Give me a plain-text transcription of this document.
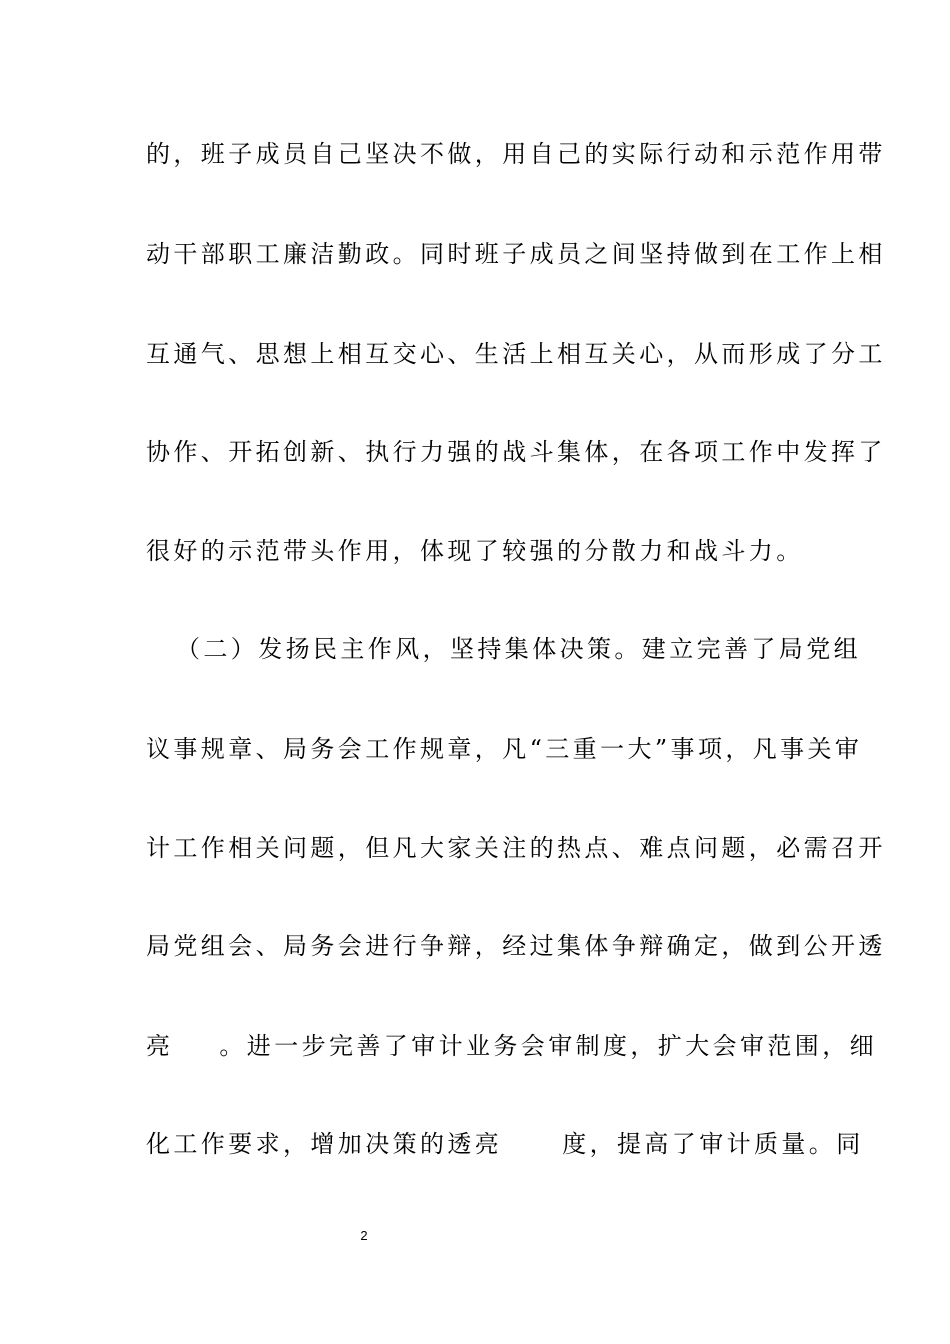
的，班子成员自己坚决不做，用自己的实际行动和示范作用带
动干部职工廉洁勤政。同时班子成员之间坚持做到在工作上相
互通气、思想上相互交心、生活上相互关心，从而形成了分工
协作、开拓创新、执行力强的战斗集体，在各项工作中发挥了
很好的示范带头作用，体现了较强的分散力和战斗力。
（二）发扬民主作风，坚持集体决策。建立完善了局党组
议事规章、局务会工作规章，凡“三重一大”事项，凡事关审
计工作相关问题，但凡大家关注的热点、难点问题，必需召开
局党组会、局务会进行争辩，经过集体争辩确定，做到公开透
亮 。进一步完善了审计业务会审制度，扩大会审范围，细
化工作要求，增加决策的透亮	度，提高了审计质量。同
2
